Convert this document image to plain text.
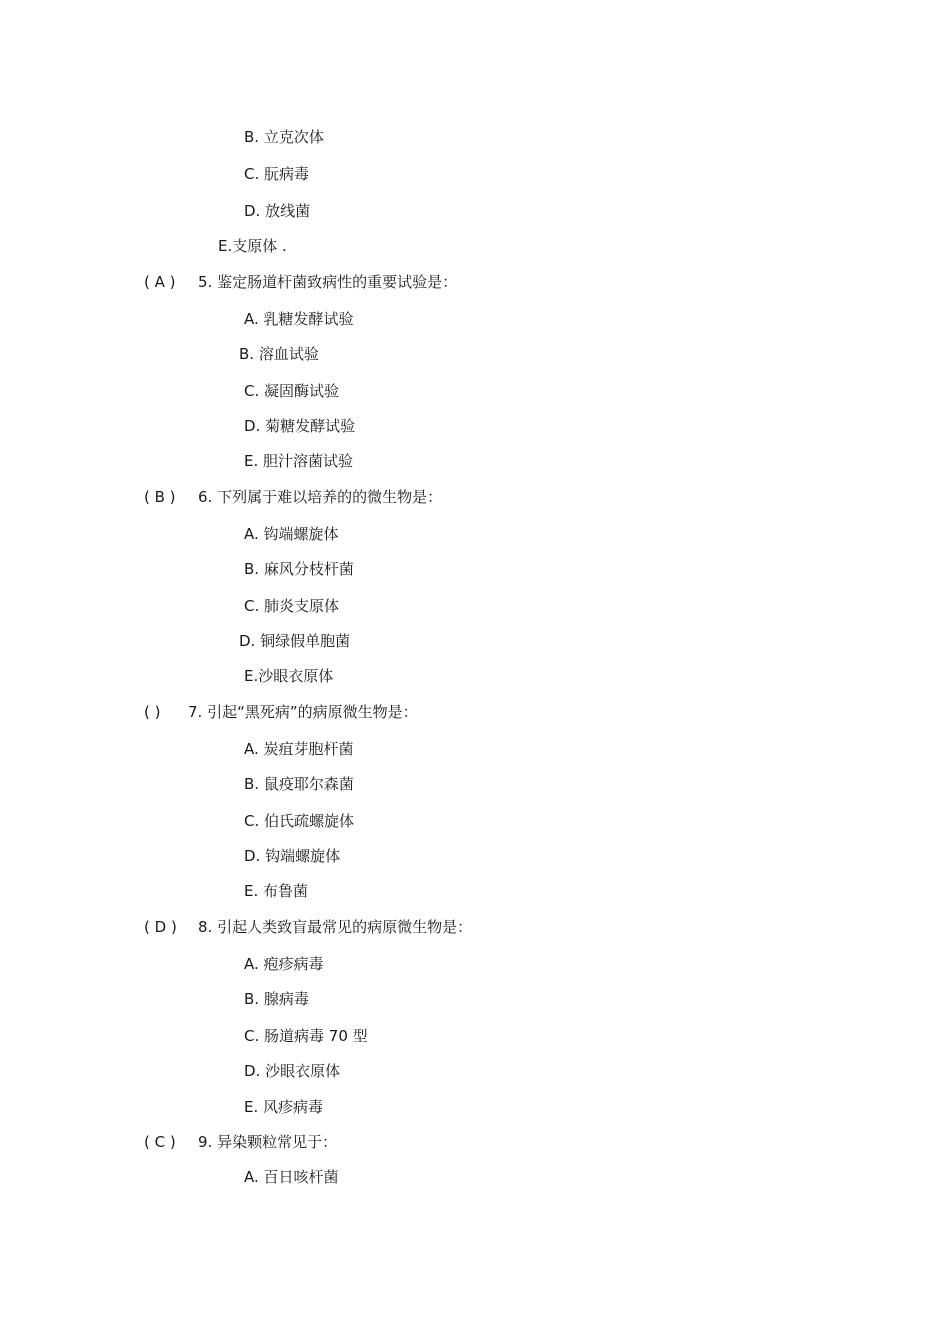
B. 立克次体
C. 朊病毒
D. 放线菌
E.支原体 .
( A ) 5. 鉴定肠道杆菌致病性的重要试验是：
A. 乳糖发酵试验
B. 溶血试验
C. 凝固酶试验
D. 菊糖发酵试验
E. 胆汁溶菌试验
( B ) 6. 下列属于难以培养的的微生物是：
A. 钩端螺旋体
B. 麻风分枝杆菌
C. 肺炎支原体
D. 铜绿假单胞菌
E.沙眼衣原体
( ) 7. 引起“黑死病”的病原微生物是：
A. 炭疽芽胞杆菌
B. 鼠疫耶尔森菌
C. 伯氏疏螺旋体
D. 钩端螺旋体
E. 布鲁菌
( D ) 8. 引起人类致盲最常见的病原微生物是：
A. 疱疹病毒
B. 腺病毒
C. 肠道病毒 70 型
D. 沙眼衣原体
E. 风疹病毒
( C ) 9. 异染颗粒常见于：
A. 百日咳杆菌
